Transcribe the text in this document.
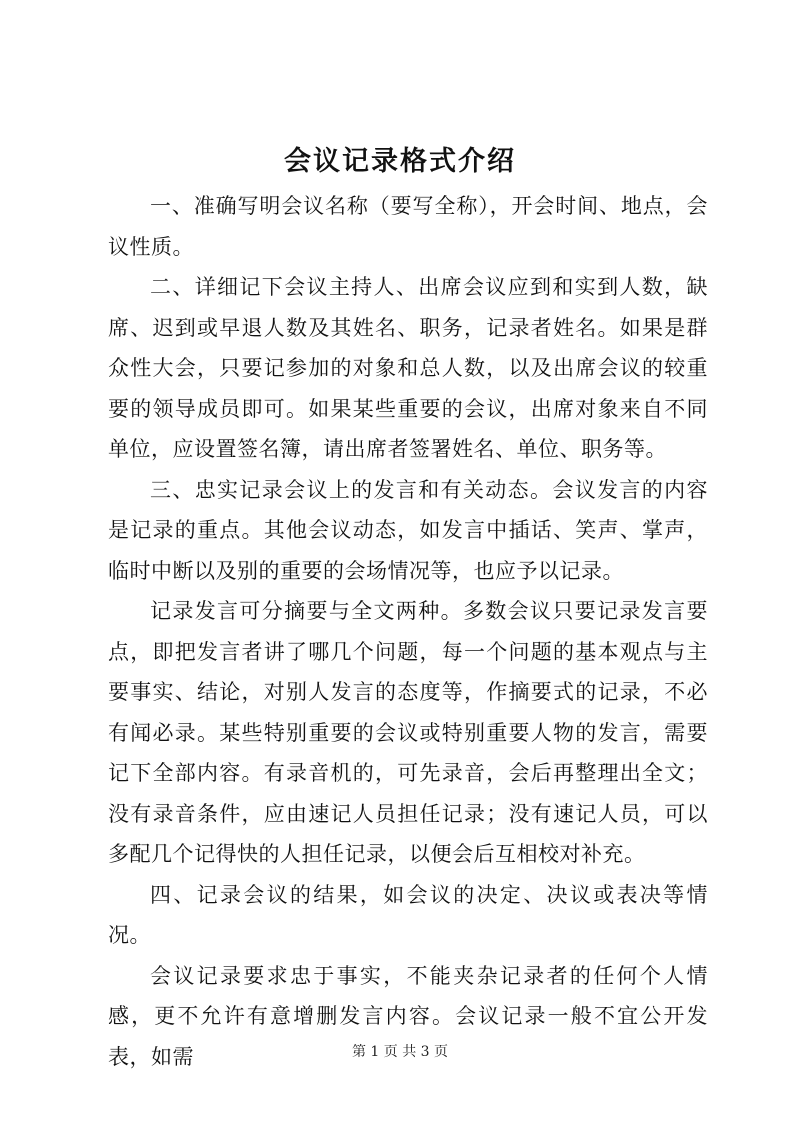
会议记录格式介绍

一、准确写明会议名称（要写全称），开会时间、地点，会议性质。

二、详细记下会议主持人、出席会议应到和实到人数，缺席、迟到或早退人数及其姓名、职务，记录者姓名。如果是群众性大会，只要记参加的对象和总人数，以及出席会议的较重要的领导成员即可。如果某些重要的会议，出席对象来自不同单位，应设置签名簿，请出席者签署姓名、单位、职务等。

三、忠实记录会议上的发言和有关动态。会议发言的内容是记录的重点。其他会议动态，如发言中插话、笑声、掌声，临时中断以及别的重要的会场情况等，也应予以记录。

记录发言可分摘要与全文两种。多数会议只要记录发言要点，即把发言者讲了哪几个问题，每一个问题的基本观点与主要事实、结论，对别人发言的态度等，作摘要式的记录，不必有闻必录。某些特别重要的会议或特别重要人物的发言，需要记下全部内容。有录音机的，可先录音，会后再整理出全文；没有录音条件，应由速记人员担任记录；没有速记人员，可以多配几个记得快的人担任记录，以便会后互相校对补充。

四、记录会议的结果，如会议的决定、决议或表决等情况。

会议记录要求忠于事实，不能夹杂记录者的任何个人情感，更不允许有意增删发言内容。会议记录一般不宜公开发表，如需	第 1 页 共 3 页
